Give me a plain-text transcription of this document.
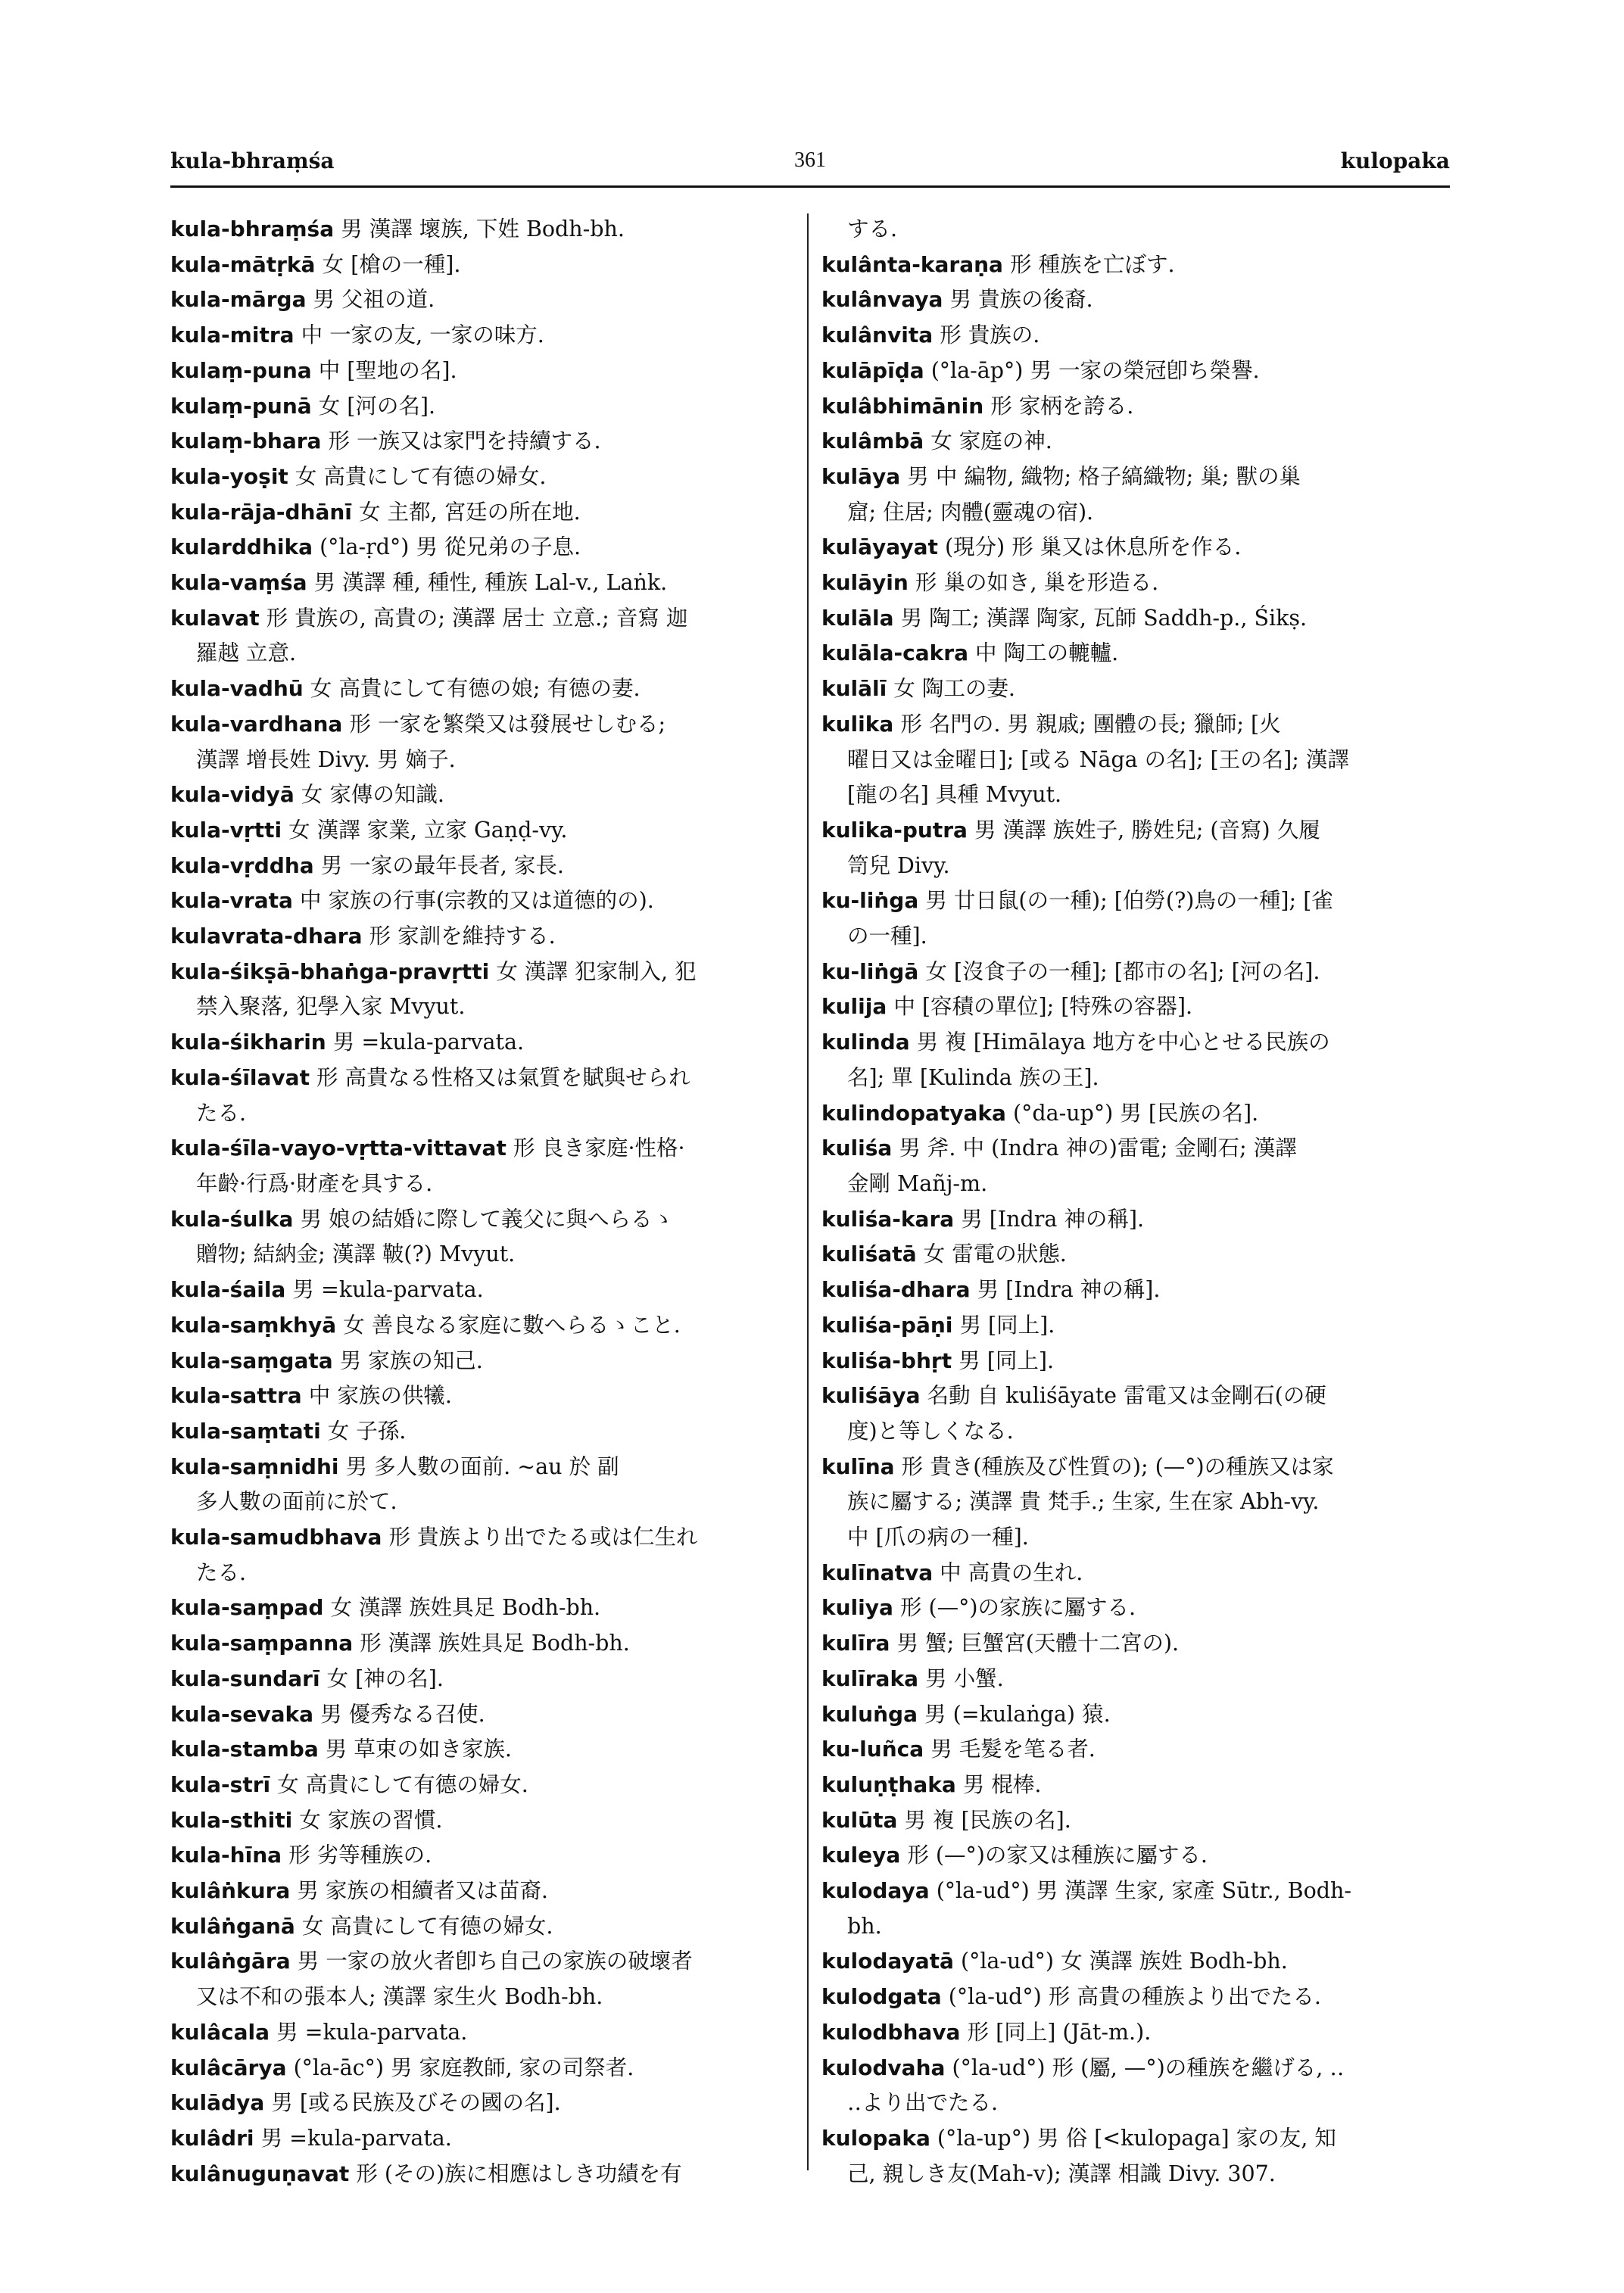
kula-bhraṃśa	361	kulopaka
kula-bhraṃśa 男 漢譯 壞族, 下姓 Bodh-bh.
kula-mātṛkā 女 [槍の一種].
kula-mārga 男 父祖の道.
kula-mitra 中 一家の友, 一家の味方.
kulaṃ-puna 中 [聖地の名].
kulaṃ-punā 女 [河の名].
kulaṃ-bhara 形 一族又は家門を持續する.
kula-yoṣit 女 高貴にして有德の婦女.
kula-rāja-dhānī 女 主都, 宮廷の所在地.
kularddhika (°la-ṛd°) 男 從兄弟の子息.
kula-vaṃśa 男 漢譯 種, 種性, 種族 Lal-v., Laṅk.
kulavat 形 貴族の, 高貴の; 漢譯 居士 立意.; 音寫 迦
羅越 立意.
kula-vadhū 女 高貴にして有德の娘; 有德の妻.
kula-vardhana 形 一家を繁榮又は發展せしむる;
漢譯 增長姓 Divy. 男 嫡子.
kula-vidyā 女 家傳の知識.
kula-vṛtti 女 漢譯 家業, 立家 Gaṇḍ-vy.
kula-vṛddha 男 一家の最年長者, 家長.
kula-vrata 中 家族の行事(宗教的又は道德的の).
kulavrata-dhara 形 家訓を維持する.
kula-śikṣā-bhaṅga-pravṛtti 女 漢譯 犯家制入, 犯
禁入聚落, 犯學入家 Mvyut.
kula-śikharin 男 =kula-parvata.
kula-śīlavat 形 高貴なる性格又は氣質を賦與せられ
たる.
kula-śīla-vayo-vṛtta-vittavat 形 良き家庭·性格·
年齡·行爲·財產を具する.
kula-śulka 男 娘の結婚に際して義父に與へらるゝ
贈物; 結納金; 漢譯 鞁(?) Mvyut.
kula-śaila 男 =kula-parvata.
kula-saṃkhyā 女 善良なる家庭に數へらるゝこと.
kula-saṃgata 男 家族の知己.
kula-sattra 中 家族の供犧.
kula-saṃtati 女 子孫.
kula-saṃnidhi 男 多人數の面前. ∼au 於 副
多人數の面前に於て.
kula-samudbhava 形 貴族より出でたる或は仁生れ
たる.
kula-saṃpad 女 漢譯 族姓具足 Bodh-bh.
kula-saṃpanna 形 漢譯 族姓具足 Bodh-bh.
kula-sundarī 女 [神の名].
kula-sevaka 男 優秀なる召使.
kula-stamba 男 草束の如き家族.
kula-strī 女 高貴にして有德の婦女.
kula-sthiti 女 家族の習慣.
kula-hīna 形 劣等種族の.
kulâṅkura 男 家族の相續者又は苗裔.
kulâṅganā 女 高貴にして有德の婦女.
kulâṅgāra 男 一家の放火者卽ち自己の家族の破壞者
又は不和の張本人; 漢譯 家生火 Bodh-bh.
kulâcala 男 =kula-parvata.
kulâcārya (°la-āc°) 男 家庭教師, 家の司祭者.
kulādya 男 [或る民族及びその國の名].
kulâdri 男 =kula-parvata.
kulânuguṇavat 形 (その)族に相應はしき功績を有
する.
kulânta-karaṇa 形 種族を亡ぼす.
kulânvaya 男 貴族の後裔.
kulânvita 形 貴族の.
kulāpīḍa (°la-āp°) 男 一家の榮冠卽ち榮譽.
kulâbhimānin 形 家柄を誇る.
kulâmbā 女 家庭の神.
kulāya 男 中 編物, 織物; 格子縞織物; 巢; 獸の巢
窟; 住居; 肉體(靈魂の宿).
kulāyayat (現分) 形 巢又は休息所を作る.
kulāyin 形 巢の如き, 巢を形造る.
kulāla 男 陶工; 漢譯 陶家, 瓦師 Saddh-p., Śikṣ.
kulāla-cakra 中 陶工の轆轤.
kulālī 女 陶工の妻.
kulika 形 名門の. 男 親戚; 團體の長; 獵師; [火
曜日又は金曜日]; [或る Nāga の名]; [王の名]; 漢譯
[龍の名] 具種 Mvyut.
kulika-putra 男 漢譯 族姓子, 勝姓兒; (音寫) 久履
笥兒 Divy.
ku-liṅga 男 廿日鼠(の一種); [伯勞(?)鳥の一種]; [雀
の一種].
ku-liṅgā 女 [沒食子の一種]; [都市の名]; [河の名].
kulija 中 [容積の單位]; [特殊の容器].
kulinda 男 複 [Himālaya 地方を中心とせる民族の
名]; 單 [Kulinda 族の王].
kulindopatyaka (°da-up°) 男 [民族の名].
kuliśa 男 斧. 中 (Indra 神の)雷電; 金剛石; 漢譯
金剛 Mañj-m.
kuliśa-kara 男 [Indra 神の稱].
kuliśatā 女 雷電の狀態.
kuliśa-dhara 男 [Indra 神の稱].
kuliśa-pāṇi 男 [同上].
kuliśa-bhṛt 男 [同上].
kuliśāya 名動 自 kuliśāyate 雷電又は金剛石(の硬
度)と等しくなる.
kulīna 形 貴き(種族及び性質の); (—°)の種族又は家
族に屬する; 漢譯 貴 梵手.; 生家, 生在家 Abh-vy.
中 [爪の病の一種].
kulīnatva 中 高貴の生れ.
kuliya 形 (—°)の家族に屬する.
kulīra 男 蟹; 巨蟹宮(天體十二宮の).
kulīraka 男 小蟹.
kuluṅga 男 (=kulaṅga) 猿.
ku-luñca 男 毛髮を笔る者.
kuluṇṭhaka 男 棍棒.
kulūta 男 複 [民族の名].
kuleya 形 (—°)の家又は種族に屬する.
kulodaya (°la-ud°) 男 漢譯 生家, 家產 Sūtr., Bodh-
bh.
kulodayatā (°la-ud°) 女 漢譯 族姓 Bodh-bh.
kulodgata (°la-ud°) 形 高貴の種族より出でたる.
kulodbhava 形 [同上] (Jāt-m.).
kulodvaha (°la-ud°) 形 (屬, —°)の種族を繼げる, ‥
‥より出でたる.
kulopaka (°la-up°) 男 俗 [<kulopaga] 家の友, 知
己, 親しき友(Mah-v); 漢譯 相識 Divy. 307.
